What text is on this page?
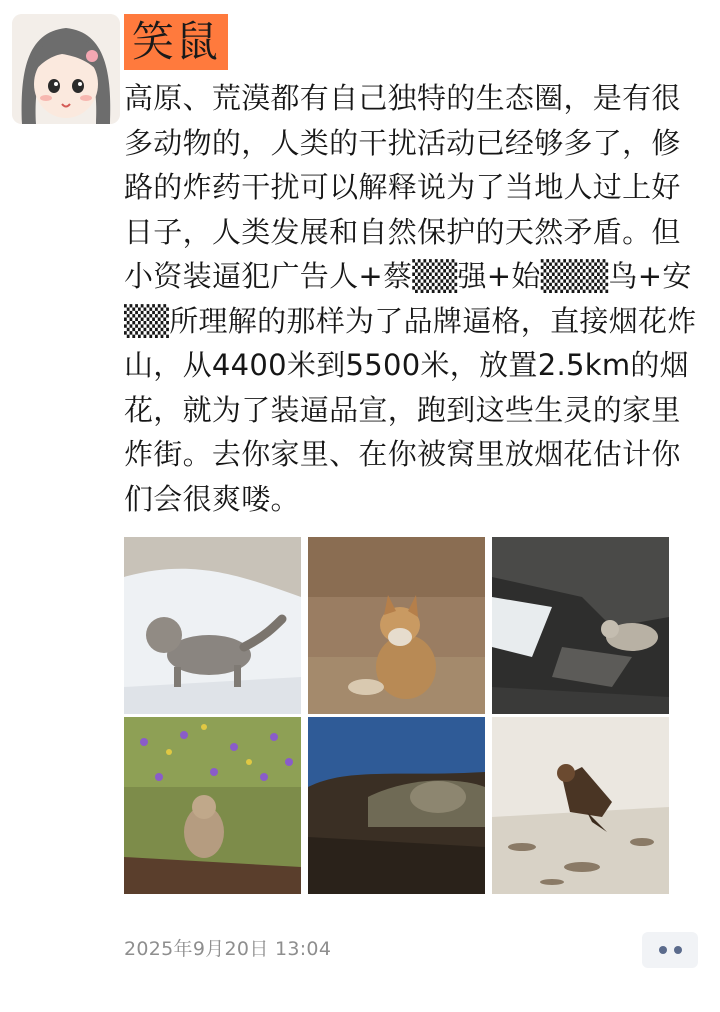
笑鼠

高原、荒漠都有自己独特的生态圈，是有很多动物的，人类的干扰活动已经够多了，修路的炸药干扰可以解释说为了当地人过上好日子，人类发展和自然保护的天然矛盾。但小资装逼犯广告人+蔡▒▒强+始▒▒▒鸟+安▒▒所理解的那样为了品牌逼格，直接烟花炸山，从4400米到5500米，放置2.5km的烟花，就为了装逼品宣，跑到这些生灵的家里炸街。去你家里、在你被窝里放烟花估计你们会很爽喽。

2025年9月20日 13:04
